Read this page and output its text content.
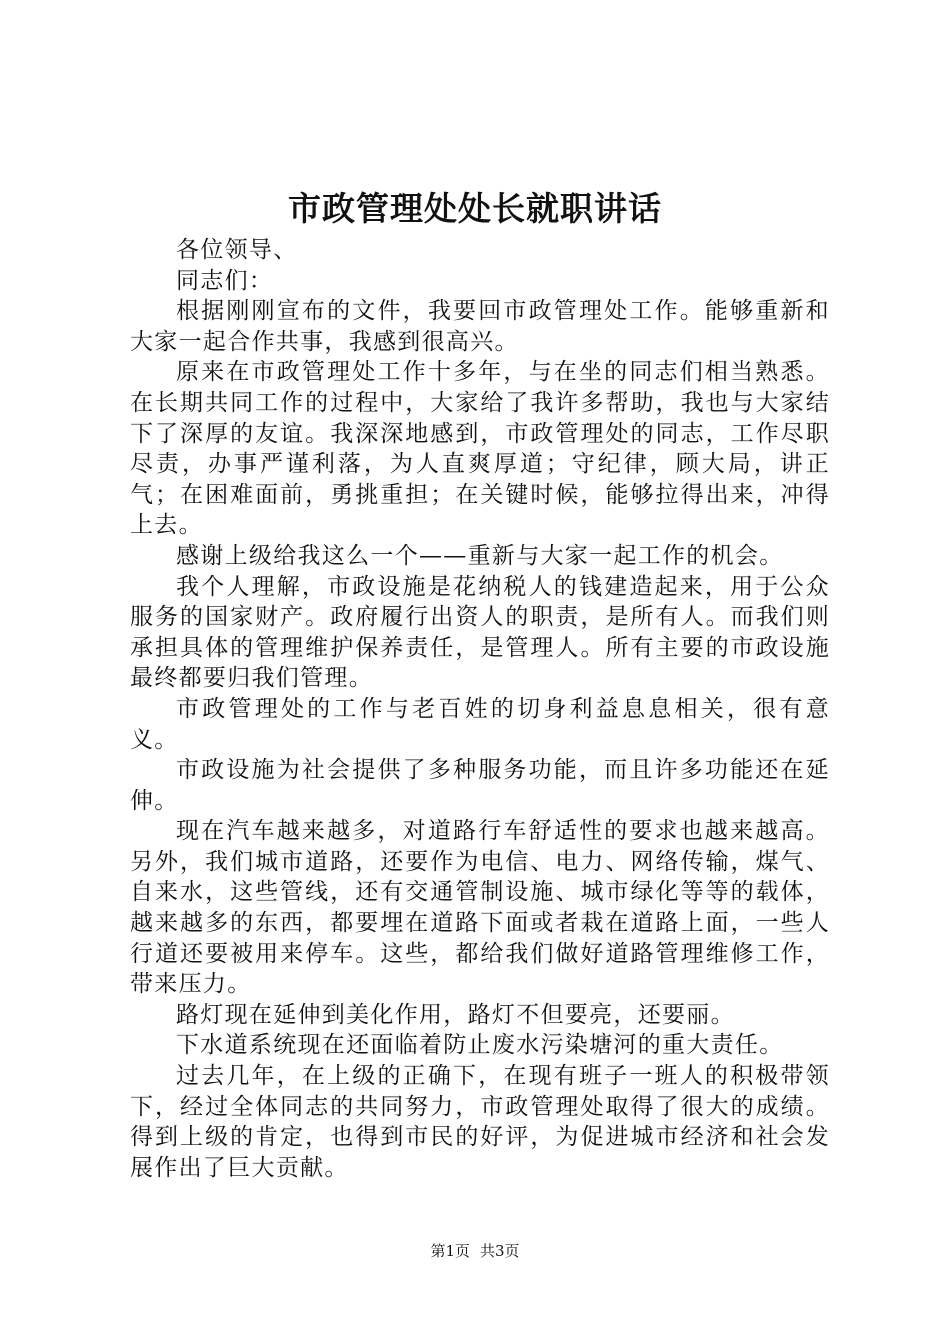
市政管理处处长就职讲话

各位领导、

同志们：

根据刚刚宣布的文件，我要回市政管理处工作。能够重新和大家一起合作共事，我感到很高兴。

原来在市政管理处工作十多年，与在坐的同志们相当熟悉。在长期共同工作的过程中，大家给了我许多帮助，我也与大家结下了深厚的友谊。我深深地感到，市政管理处的同志，工作尽职尽责，办事严谨利落，为人直爽厚道；守纪律，顾大局，讲正气；在困难面前，勇挑重担；在关键时候，能够拉得出来，冲得上去。

感谢上级给我这么一个——重新与大家一起工作的机会。

我个人理解，市政设施是花纳税人的钱建造起来，用于公众服务的国家财产。政府履行出资人的职责，是所有人。而我们则承担具体的管理维护保养责任，是管理人。所有主要的市政设施最终都要归我们管理。

市政管理处的工作与老百姓的切身利益息息相关，很有意义。

市政设施为社会提供了多种服务功能，而且许多功能还在延伸。

现在汽车越来越多，对道路行车舒适性的要求也越来越高。另外，我们城市道路，还要作为电信、电力、网络传输，煤气、自来水，这些管线，还有交通管制设施、城市绿化等等的载体，越来越多的东西，都要埋在道路下面或者栽在道路上面，一些人行道还要被用来停车。这些，都给我们做好道路管理维修工作，带来压力。

路灯现在延伸到美化作用，路灯不但要亮，还要丽。

下水道系统现在还面临着防止废水污染塘河的重大责任。

过去几年，在上级的正确下，在现有班子一班人的积极带领下，经过全体同志的共同努力，市政管理处取得了很大的成绩。得到上级的肯定，也得到市民的好评，为促进城市经济和社会发展作出了巨大贡献。

第1页 共3页
